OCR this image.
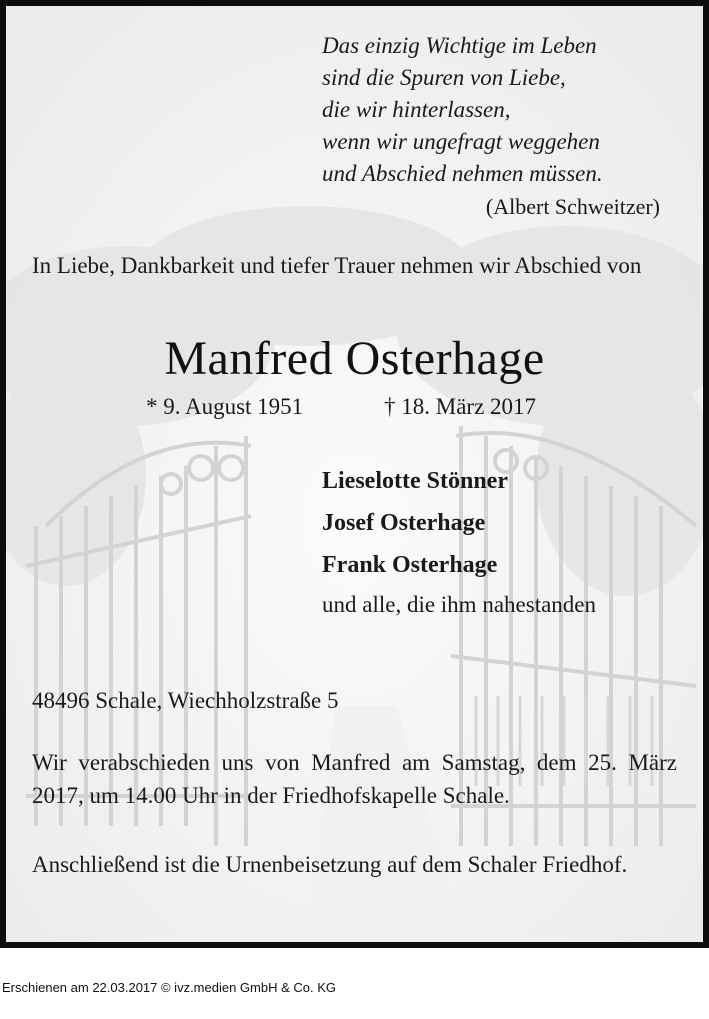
Das einzig Wichtige im Leben
sind die Spuren von Liebe,
die wir hinterlassen,
wenn wir ungefragt weggehen
und Abschied nehmen müssen.
(Albert Schweitzer)
In Liebe, Dankbarkeit und tiefer Trauer nehmen wir Abschied von
Manfred Osterhage
* 9. August 1951	† 18. März 2017
Lieselotte Stönner
Josef Osterhage
Frank Osterhage
und alle, die ihm nahestanden
48496 Schale, Wiechholzstraße 5
Wir verabschieden uns von Manfred am Samstag, dem 25. März 2017, um 14.00 Uhr in der Friedhofskapelle Schale.
Anschließend ist die Urnenbeisetzung auf dem Schaler Friedhof.
Erschienen am 22.03.2017 © ivz.medien GmbH & Co. KG
